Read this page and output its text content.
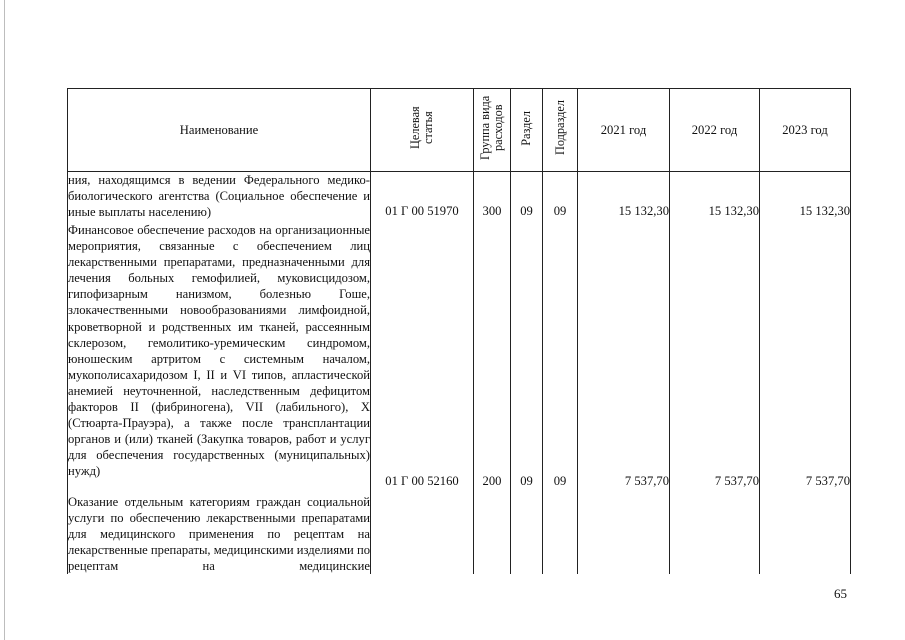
Наименование	Целевая статья	Группа вида расходов	Раздел	Подраздел	2021 год	2022 год	2023 год

ния, находящимся в ведении Федерального медико-биологического агентства (Социальное обеспечение и иные выплаты населению)	01 Г 00 51970	300	09	09	15 132,30	15 132,30	15 132,30

Финансовое обеспечение расходов на организационные мероприятия, связанные с обеспечением лиц лекарственными препаратами, предназначенными для лечения больных гемофилией, муковисцидозом, гипофизарным нанизмом, болезнью Гоше, злокачественными новообразованиями лимфоидной, кроветворной и родственных им тканей, рассеянным склерозом, гемолитико-уремическим синдромом, юношеским артритом с системным началом, мукополисахаридозом I, II и VI типов, апластической анемией неуточненной, наследственным дефицитом факторов II (фибриногена), VII (лабильного), X (Стюарта-Прауэра), а также после трансплантации органов и (или) тканей (Закупка товаров, работ и услуг для обеспечения государственных (муниципальных) нужд)	01 Г 00 52160	200	09	09	7 537,70	7 537,70	7 537,70

Оказание отдельным категориям граждан социальной услуги по обеспечению лекарственными препаратами для медицинского применения по рецептам на лекарственные препараты, медицинскими изделиями по рецептам на медицинские							

65
